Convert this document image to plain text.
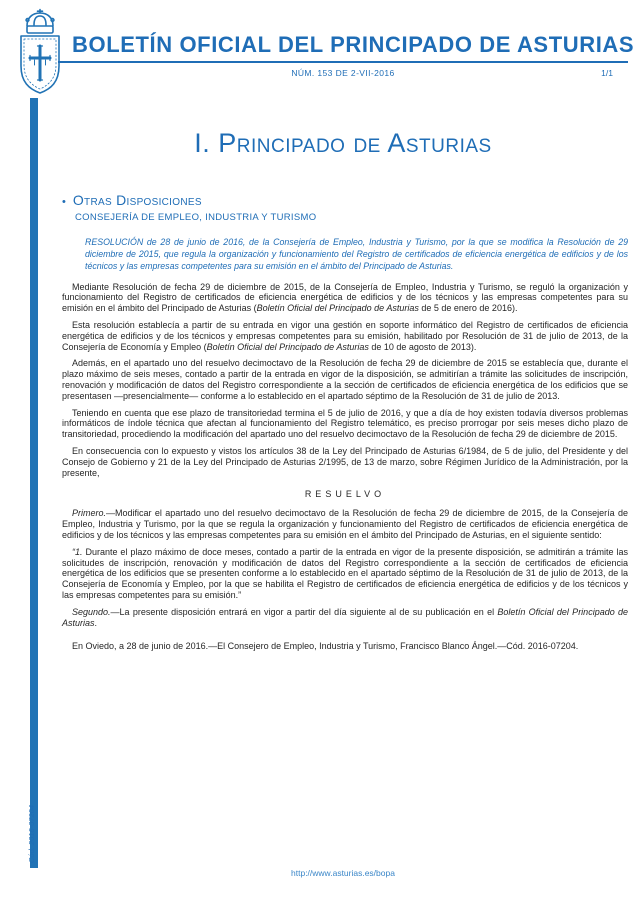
BOLETÍN OFICIAL DEL PRINCIPADO DE ASTURIAS
NÚM. 153 DE 2-VII-2016	1/1
Cód. 2016-07204
I. Principado de Asturias
• Otras Disposiciones
CONSEJERÍA DE EMPLEO, INDUSTRIA Y TURISMO
RESOLUCIÓN de 28 de junio de 2016, de la Consejería de Empleo, Industria y Turismo, por la que se modifica la Resolución de 29 diciembre de 2015, que regula la organización y funcionamiento del Registro de certificados de eficiencia energética de edificios y de los técnicos y las empresas competentes para su emisión en el ámbito del Principado de Asturias.

Mediante Resolución de fecha 29 de diciembre de 2015, de la Consejería de Empleo, Industria y Turismo, se reguló la organización y funcionamiento del Registro de certificados de eficiencia energética de edificios y de los técnicos y las empresas competentes para su emisión en el ámbito del Principado de Asturias (Boletín Oficial del Principado de Asturias de 5 de enero de 2016).

Esta resolución establecía a partir de su entrada en vigor una gestión en soporte informático del Registro de certificados de eficiencia energética de edificios y de los técnicos y empresas competentes para su emisión, habilitado por Resolución de 31 de julio de 2013, de la Consejería de Economía y Empleo (Boletín Oficial del Principado de Asturias de 10 de agosto de 2013).

Además, en el apartado uno del resuelvo decimoctavo de la Resolución de fecha 29 de diciembre de 2015 se establecía que, durante el plazo máximo de seis meses, contado a partir de la entrada en vigor de la disposición, se admitirían a trámite las solicitudes de inscripción, renovación y modificación de datos del Registro correspondiente a la sección de certificados de eficiencia energética de los edificios que se presentasen —presencialmente— conforme a lo establecido en el apartado séptimo de la Resolución de 31 de julio de 2013.

Teniendo en cuenta que ese plazo de transitoriedad termina el 5 de julio de 2016, y que a día de hoy existen todavía diversos problemas informáticos de índole técnica que afectan al funcionamiento del Registro telemático, es preciso prorrogar por seis meses dicho plazo de transitoriedad, procediendo la modificación del apartado uno del resuelvo decimoctavo de la Resolución de fecha 29 de diciembre de 2015.

En consecuencia con lo expuesto y vistos los artículos 38 de la Ley del Principado de Asturias 6/1984, de 5 de julio, del Presidente y del Consejo de Gobierno y 21 de la Ley del Principado de Asturias 2/1995, de 13 de marzo, sobre Régimen Jurídico de la Administración, por la presente,

RESUELVO

Primero.—Modificar el apartado uno del resuelvo decimoctavo de la Resolución de fecha 29 de diciembre de 2015, de la Consejería de Empleo, Industria y Turismo, por la que se regula la organización y funcionamiento del Registro de certificados de eficiencia energética de edificios y de los técnicos y las empresas competentes para su emisión en el ámbito del Principado de Asturias, en el siguiente sentido:

“1. Durante el plazo máximo de doce meses, contado a partir de la entrada en vigor de la presente disposición, se admitirán a trámite las solicitudes de inscripción, renovación y modificación de datos del Registro correspondiente a la sección de certificados de eficiencia energética de los edificios que se presenten conforme a lo establecido en el apartado séptimo de la Resolución de 31 de julio de 2013, de la Consejería de Economía y Empleo, por la que se habilita el Registro de certificados de eficiencia energética de edificios y de los técnicos y las empresas competentes para su emisión.”

Segundo.—La presente disposición entrará en vigor a partir del día siguiente al de su publicación en el Boletín Oficial del Principado de Asturias.

En Oviedo, a 28 de junio de 2016.—El Consejero de Empleo, Industria y Turismo, Francisco Blanco Ángel.—Cód. 2016-07204.

http://www.asturias.es/bopa
